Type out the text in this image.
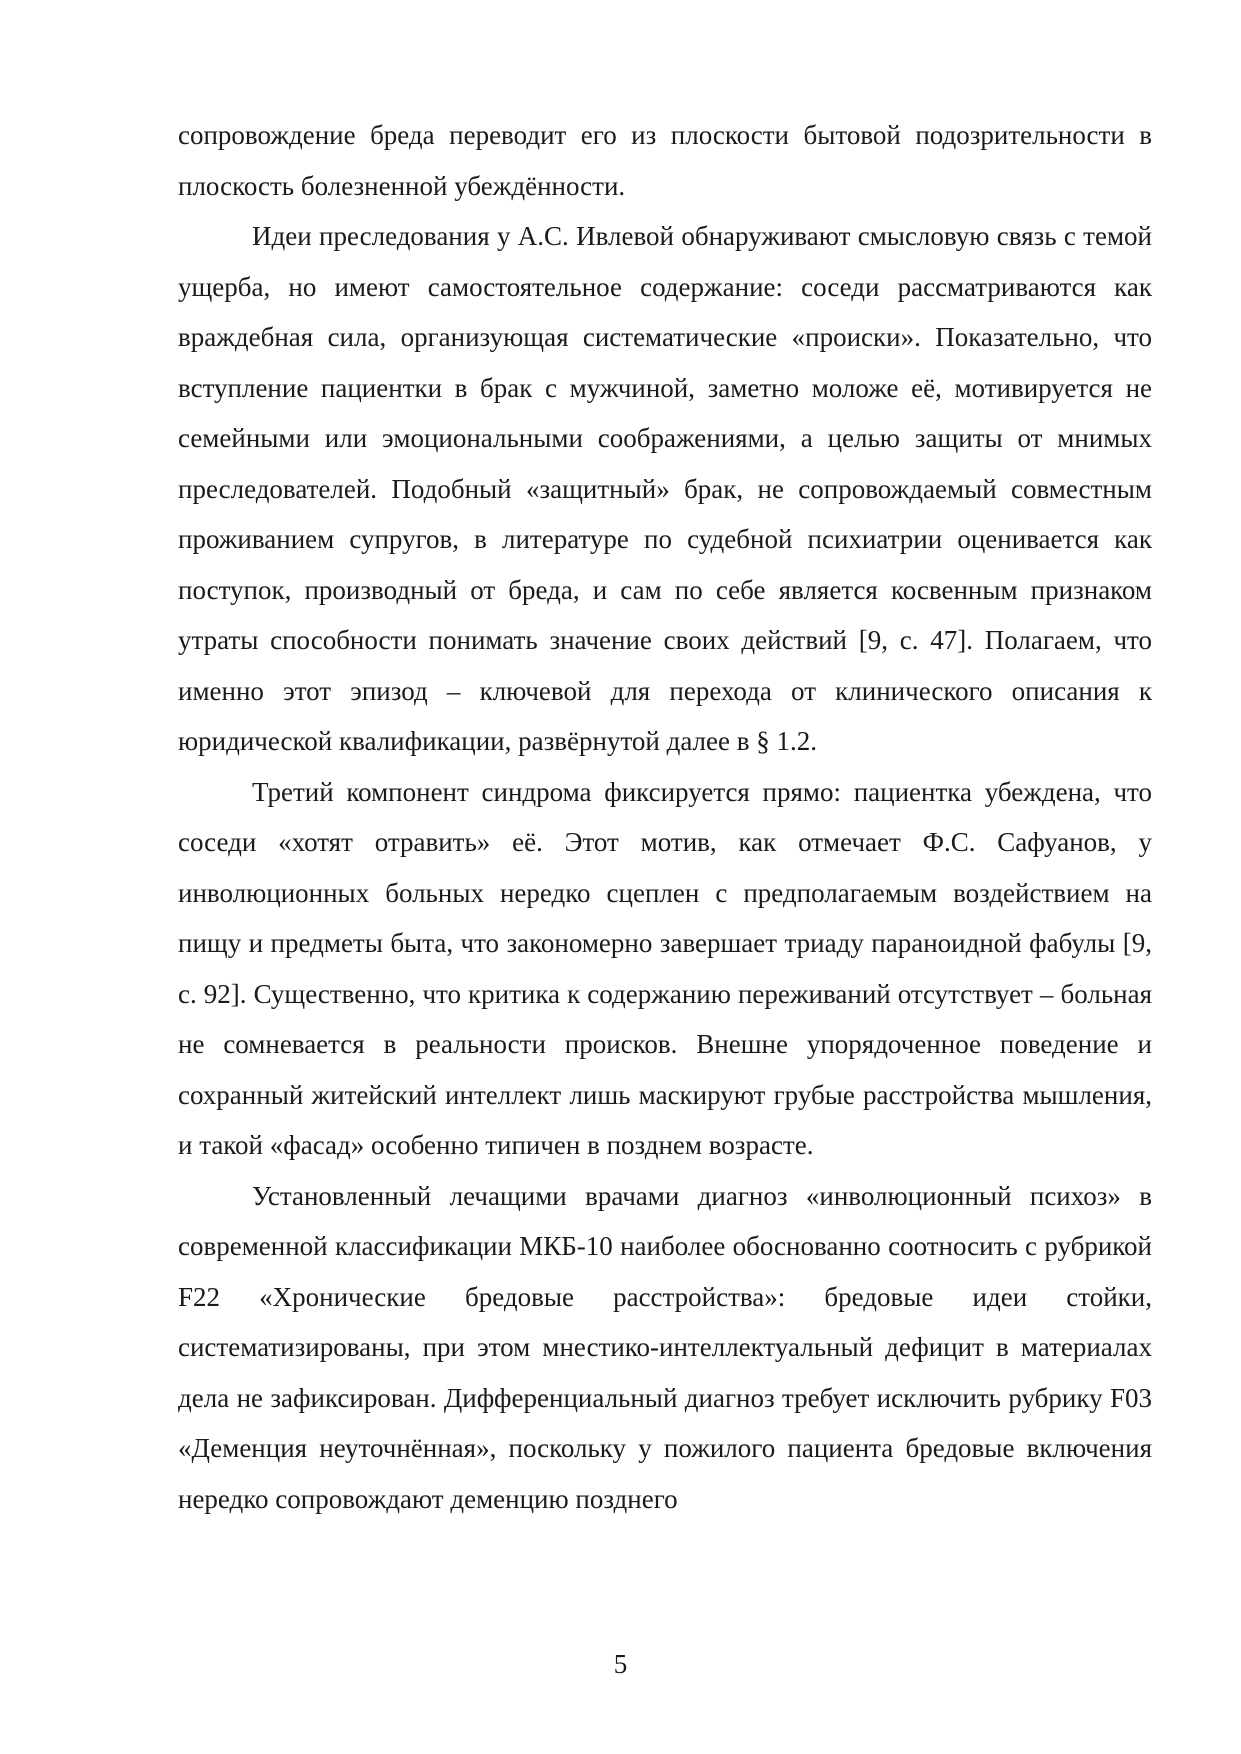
сопровождение бреда переводит его из плоскости бытовой подозрительности в плоскость болезненной убеждённости.

Идеи преследования у А.С. Ивлевой обнаруживают смысловую связь с темой ущерба, но имеют самостоятельное содержание: соседи рассматриваются как враждебная сила, организующая систематические «происки». Показательно, что вступление пациентки в брак с мужчиной, заметно моложе её, мотивируется не семейными или эмоциональными соображениями, а целью защиты от мнимых преследователей. Подобный «защитный» брак, не сопровождаемый совместным проживанием супругов, в литературе по судебной психиатрии оценивается как поступок, производный от бреда, и сам по себе является косвенным признаком утраты способности понимать значение своих действий [9, с. 47]. Полагаем, что именно этот эпизод – ключевой для перехода от клинического описания к юридической квалификации, развёрнутой далее в § 1.2.

Третий компонент синдрома фиксируется прямо: пациентка убеждена, что соседи «хотят отравить» её. Этот мотив, как отмечает Ф.С. Сафуанов, у инволюционных больных нередко сцеплен с предполагаемым воздействием на пищу и предметы быта, что закономерно завершает триаду параноидной фабулы [9, с. 92]. Существенно, что критика к содержанию переживаний отсутствует – больная не сомневается в реальности происков. Внешне упорядоченное поведение и сохранный житейский интеллект лишь маскируют грубые расстройства мышления, и такой «фасад» особенно типичен в позднем возрасте.

Установленный лечащими врачами диагноз «инволюционный психоз» в современной классификации МКБ-10 наиболее обоснованно соотносить с рубрикой F22 «Хронические бредовые расстройства»: бредовые идеи стойки, систематизированы, при этом мнестико-интеллектуальный дефицит в материалах дела не зафиксирован. Дифференциальный диагноз требует исключить рубрику F03 «Деменция неуточнённая», поскольку у пожилого пациента бредовые включения нередко сопровождают деменцию позднего

5
